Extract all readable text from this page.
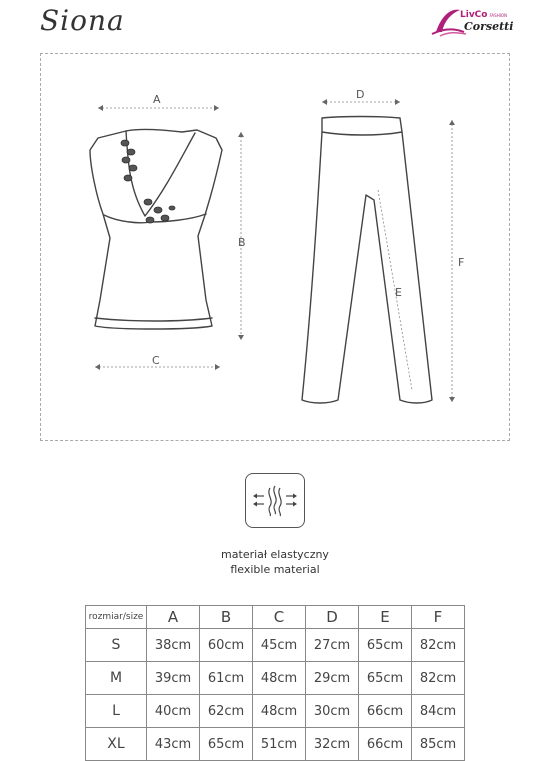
Siona	LivCo FASHION
Corsetti
A
B
C
D
E
F
materiał elastyczny
flexible material
rozmiar/size	A	B	C	D	E	F
S	38cm	60cm	45cm	27cm	65cm	82cm
M	39cm	61cm	48cm	29cm	65cm	82cm
L	40cm	62cm	48cm	30cm	66cm	84cm
XL	43cm	65cm	51cm	32cm	66cm	85cm
